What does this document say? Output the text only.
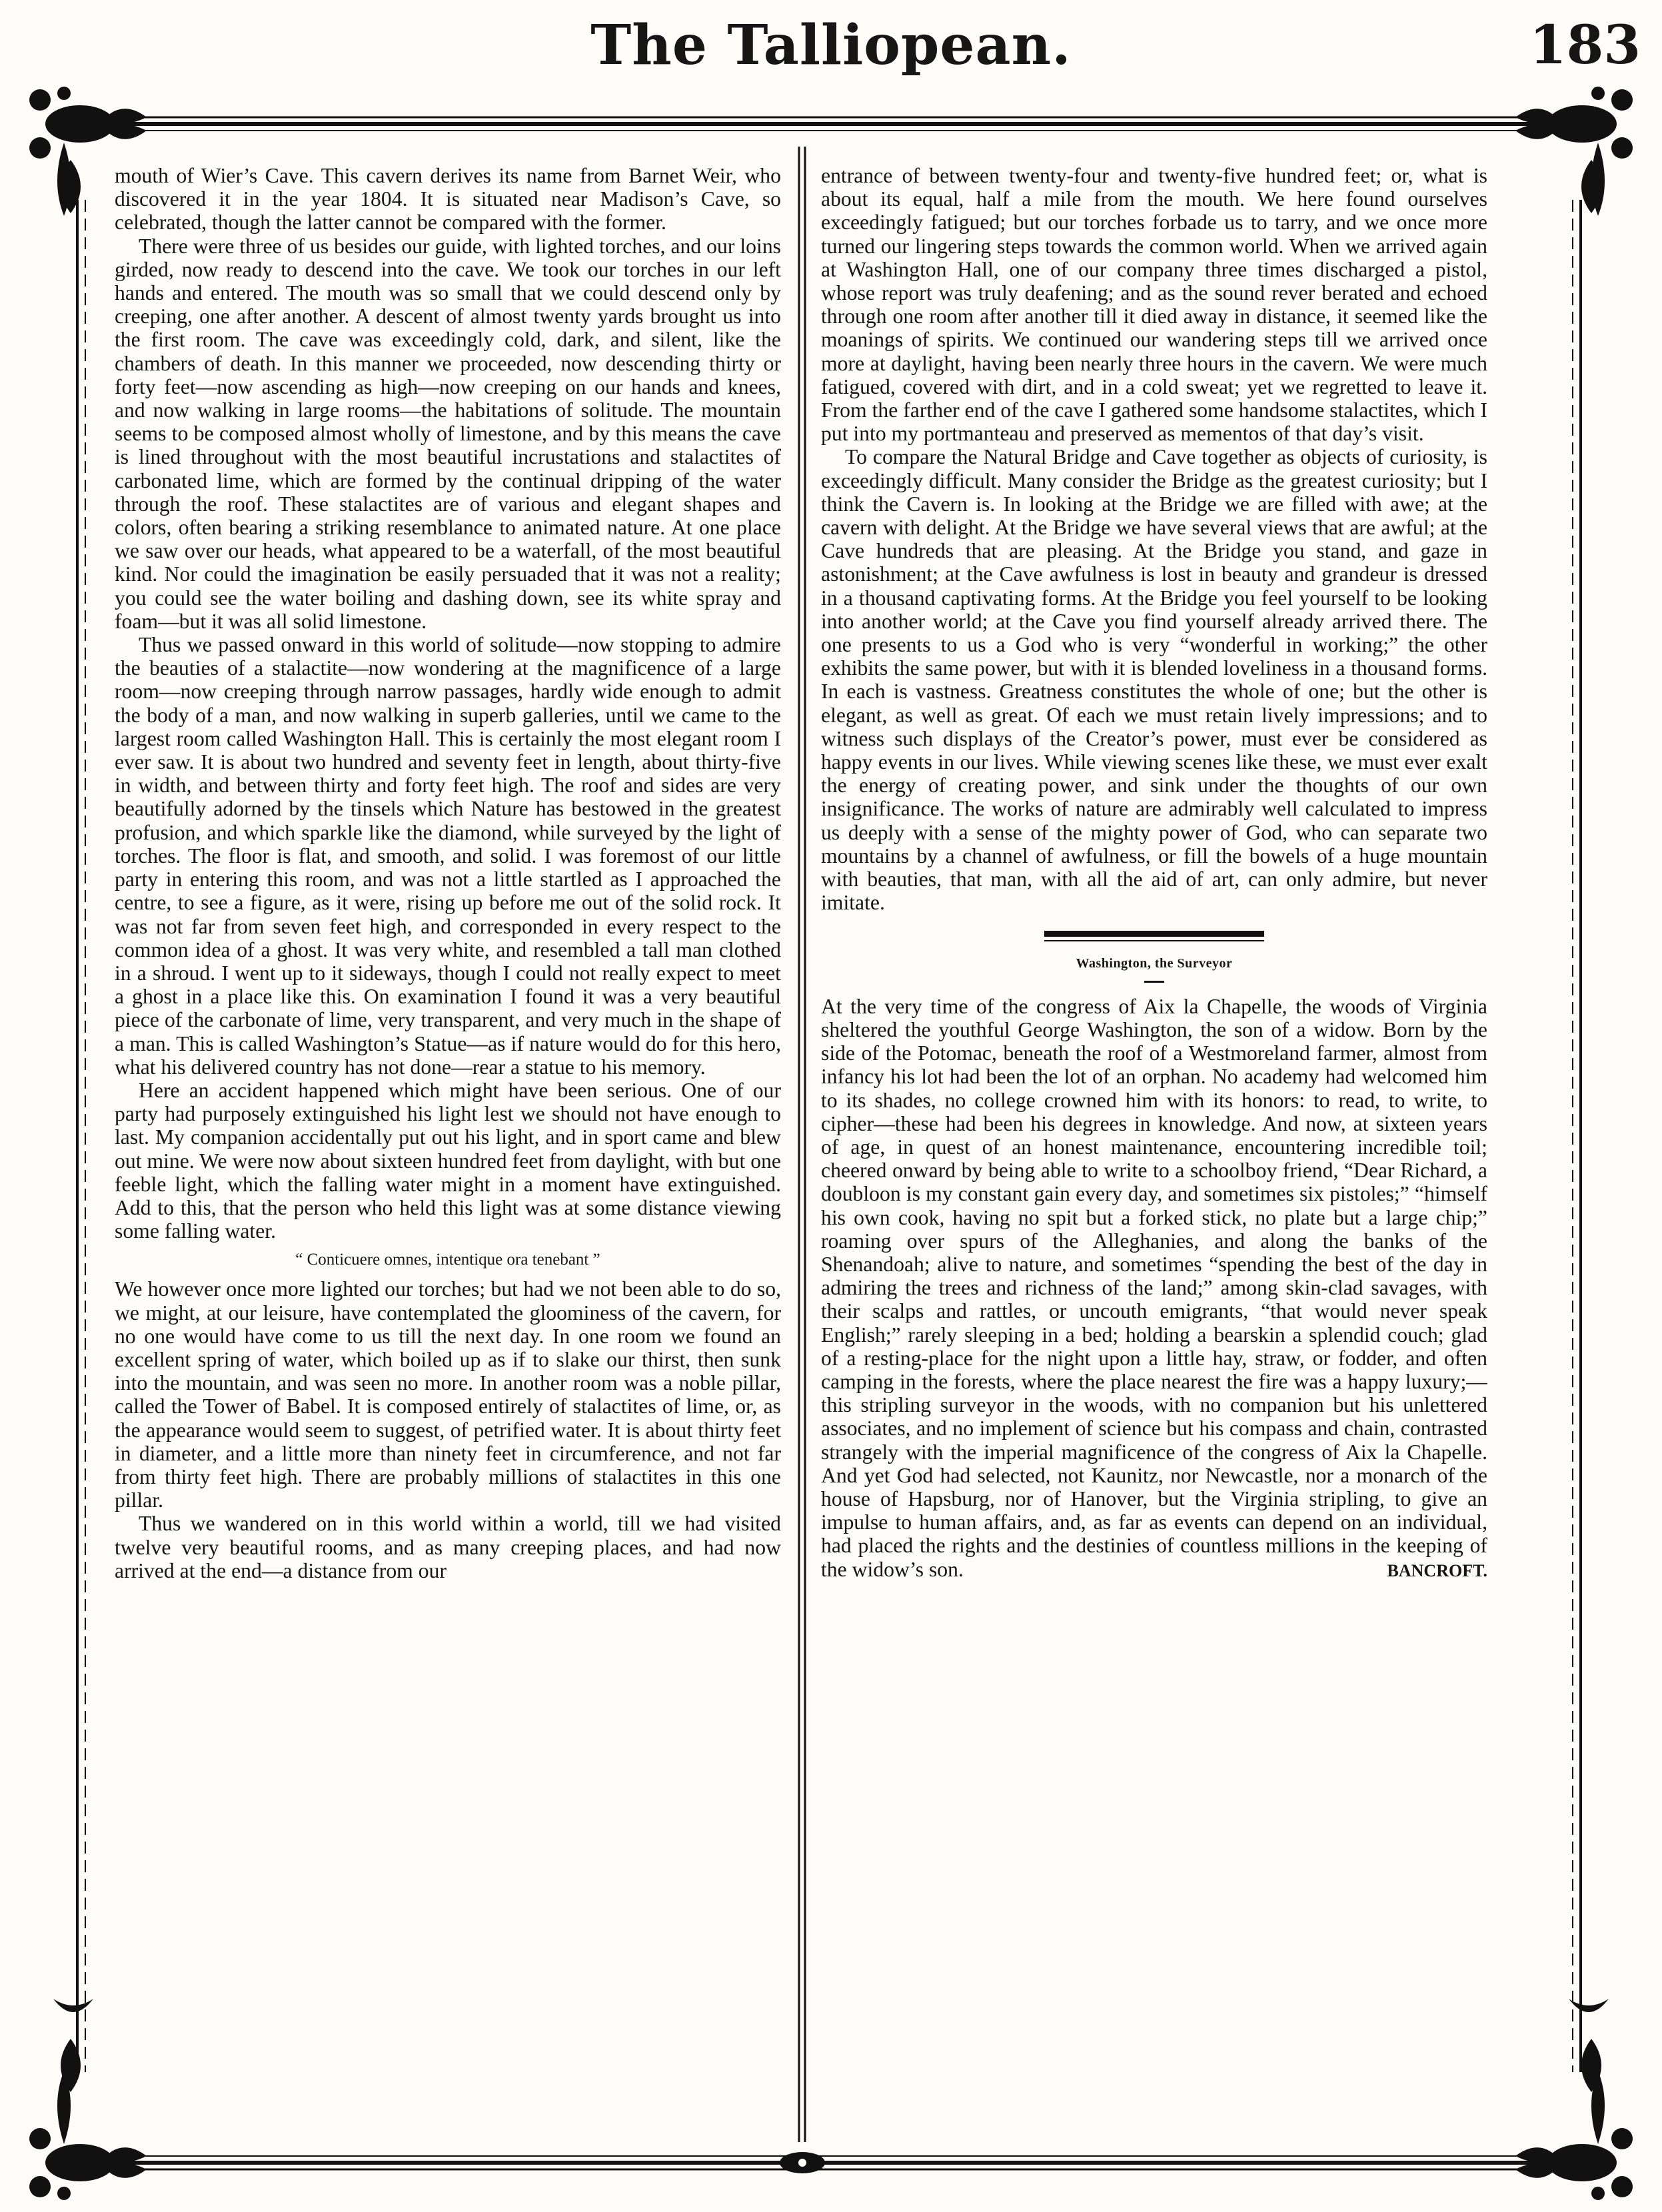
The Talliopean.	183

mouth of Wier’s Cave. This cavern derives its name from Barnet Weir, who discovered it in the year 1804. It is situated near Madison’s Cave, so celebrated, though the latter cannot be compared with the former.

There were three of us besides our guide, with lighted torches, and our loins girded, now ready to descend into the cave. We took our torches in our left hands and entered. The mouth was so small that we could descend only by creeping, one after another. A descent of almost twenty yards brought us into the first room. The cave was exceedingly cold, dark, and silent, like the chambers of death. In this manner we proceeded, now descending thirty or forty feet—now ascending as high—now creeping on our hands and knees, and now walking in large rooms—the habitations of solitude. The mountain seems to be composed almost wholly of limestone, and by this means the cave is lined throughout with the most beautiful incrustations and stalactites of carbonated lime, which are formed by the continual dripping of the water through the roof. These stalactites are of various and elegant shapes and colors, often bearing a striking resemblance to animated nature. At one place we saw over our heads, what appeared to be a waterfall, of the most beautiful kind. Nor could the imagination be easily persuaded that it was not a reality; you could see the water boiling and dashing down, see its white spray and foam—but it was all solid limestone.

Thus we passed onward in this world of solitude—now stopping to admire the beauties of a stalactite—now wondering at the magnificence of a large room—now creeping through narrow passages, hardly wide enough to admit the body of a man, and now walking in superb galleries, until we came to the largest room called Washington Hall. This is certainly the most elegant room I ever saw. It is about two hundred and seventy feet in length, about thirty-five in width, and between thirty and forty feet high. The roof and sides are very beautifully adorned by the tinsels which Nature has bestowed in the greatest profusion, and which sparkle like the diamond, while surveyed by the light of torches. The floor is flat, and smooth, and solid. I was foremost of our little party in entering this room, and was not a little startled as I approached the centre, to see a figure, as it were, rising up before me out of the solid rock. It was not far from seven feet high, and corresponded in every respect to the common idea of a ghost. It was very white, and resembled a tall man clothed in a shroud. I went up to it sideways, though I could not really expect to meet a ghost in a place like this. On examination I found it was a very beautiful piece of the carbonate of lime, very transparent, and very much in the shape of a man. This is called Washington’s Statue—as if nature would do for this hero, what his delivered country has not done—rear a statue to his memory.

Here an accident happened which might have been serious. One of our party had purposely extinguished his light lest we should not have enough to last. My companion accidentally put out his light, and in sport came and blew out mine. We were now about sixteen hundred feet from daylight, with but one feeble light, which the falling water might in a moment have extinguished. Add to this, that the person who held this light was at some distance viewing some falling water.

“ Conticuere omnes, intentique ora tenebant ”

We however once more lighted our torches; but had we not been able to do so, we might, at our leisure, have contemplated the gloominess of the cavern, for no one would have come to us till the next day. In one room we found an excellent spring of water, which boiled up as if to slake our thirst, then sunk into the mountain, and was seen no more. In another room was a noble pillar, called the Tower of Babel. It is composed entirely of stalactites of lime, or, as the appearance would seem to suggest, of petrified water. It is about thirty feet in diameter, and a little more than ninety feet in circumference, and not far from thirty feet high. There are probably millions of stalactites in this one pillar.

Thus we wandered on in this world within a world, till we had visited twelve very beautiful rooms, and as many creeping places, and had now arrived at the end—a distance from our

entrance of between twenty-four and twenty-five hundred feet; or, what is about its equal, half a mile from the mouth. We here found ourselves exceedingly fatigued; but our torches forbade us to tarry, and we once more turned our lingering steps towards the common world. When we arrived again at Washington Hall, one of our company three times discharged a pistol, whose report was truly deafening; and as the sound rever berated and echoed through one room after another till it died away in distance, it seemed like the moanings of spirits. We continued our wandering steps till we arrived once more at daylight, having been nearly three hours in the cavern. We were much fatigued, covered with dirt, and in a cold sweat; yet we regretted to leave it. From the farther end of the cave I gathered some handsome stalactites, which I put into my portmanteau and preserved as mementos of that day’s visit.

To compare the Natural Bridge and Cave together as objects of curiosity, is exceedingly difficult. Many consider the Bridge as the greatest curiosity; but I think the Cavern is. In looking at the Bridge we are filled with awe; at the cavern with delight. At the Bridge we have several views that are awful; at the Cave hundreds that are pleasing. At the Bridge you stand, and gaze in astonishment; at the Cave awfulness is lost in beauty and grandeur is dressed in a thousand captivating forms. At the Bridge you feel yourself to be looking into another world; at the Cave you find yourself already arrived there. The one presents to us a God who is very “wonderful in working;” the other exhibits the same power, but with it is blended loveliness in a thousand forms. In each is vastness. Greatness constitutes the whole of one; but the other is elegant, as well as great. Of each we must retain lively impressions; and to witness such displays of the Creator’s power, must ever be considered as happy events in our lives. While viewing scenes like these, we must ever exalt the energy of creating power, and sink under the thoughts of our own insignificance. The works of nature are admirably well calculated to impress us deeply with a sense of the mighty power of God, who can separate two mountains by a channel of awfulness, or fill the bowels of a huge mountain with beauties, that man, with all the aid of art, can only admire, but never imitate.

Washington, the Surveyor

At the very time of the congress of Aix la Chapelle, the woods of Virginia sheltered the youthful George Washington, the son of a widow. Born by the side of the Potomac, beneath the roof of a Westmoreland farmer, almost from infancy his lot had been the lot of an orphan. No academy had welcomed him to its shades, no college crowned him with its honors: to read, to write, to cipher—these had been his degrees in knowledge. And now, at sixteen years of age, in quest of an honest maintenance, encountering incredible toil; cheered onward by being able to write to a schoolboy friend, “Dear Richard, a doubloon is my constant gain every day, and sometimes six pistoles;” “himself his own cook, having no spit but a forked stick, no plate but a large chip;” roaming over spurs of the Alleghanies, and along the banks of the Shenandoah; alive to nature, and sometimes “spending the best of the day in admiring the trees and richness of the land;” among skin-clad savages, with their scalps and rattles, or uncouth emigrants, “that would never speak English;” rarely sleeping in a bed; holding a bearskin a splendid couch; glad of a resting-place for the night upon a little hay, straw, or fodder, and often camping in the forests, where the place nearest the fire was a happy luxury;—this stripling surveyor in the woods, with no companion but his unlettered associates, and no implement of science but his compass and chain, contrasted strangely with the imperial magnificence of the congress of Aix la Chapelle. And yet God had selected, not Kaunitz, nor Newcastle, nor a monarch of the house of Hapsburg, nor of Hanover, but the Virginia stripling, to give an impulse to human affairs, and, as far as events can depend on an individual, had placed the rights and the destinies of countless millions in the keeping of the widow’s son.	BANCROFT.
